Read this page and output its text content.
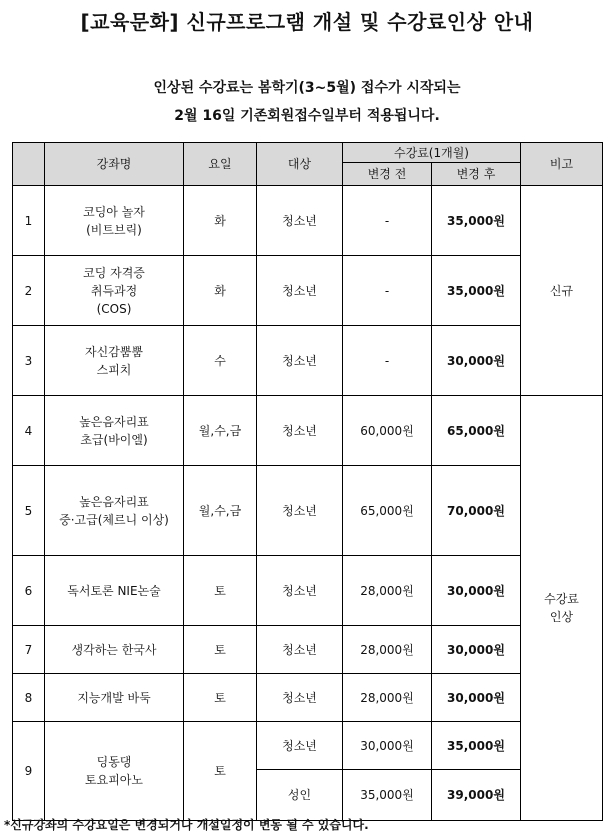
[교육문화] 신규프로그램 개설 및 수강료인상 안내
인상된 수강료는 봄학기(3~5월) 접수가 시작되는
2월 16일 기존회원접수일부터 적용됩니다.
	강좌명	요일	대상	수강료(1개월)		비고
				변경 전	변경 후	
1	코딩아 놀자
(비트브릭)	화	청소년	-	35,000원	신규
2	코딩 자격증
취득과정
(COS)	화	청소년	-	35,000원	
3	자신감뿜뿜
스피치	수	청소년	-	30,000원	
4	높은음자리표
초급(바이엘)	월,수,금	청소년	60,000원	65,000원	수강료
인상

5	높은음자리표
중·고급(체르니 이상)	월,수,금	청소년	65,000원	70,000원	
6	독서토론 NIE논술	토	청소년	28,000원	30,000원	
7	생각하는 한국사	토	청소년	28,000원	30,000원	
8	지능개발 바둑	토	청소년	28,000원	30,000원	
9	딩동댕
토요피아노	토	청소년	30,000원	35,000원	
			성인	35,000원	39,000원	
*신규강좌의 수강요일은 변경되거나 개설일정이 변동 될 수 있습니다.
